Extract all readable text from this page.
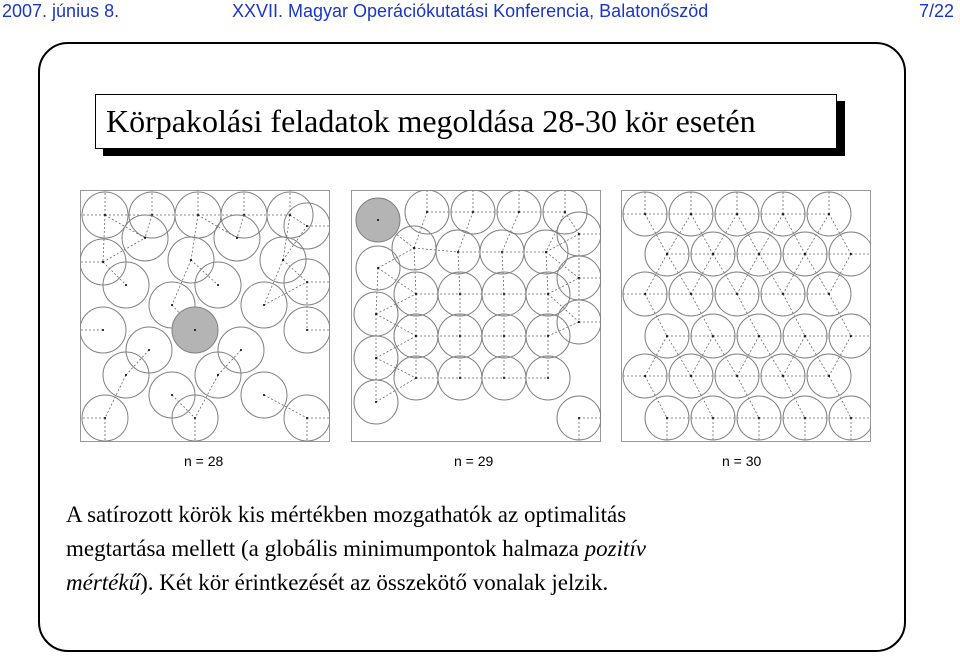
2007. június 8.	XXVII. Magyar Operációkutatási Konferencia, Balatonőszöd	7/22
Körpakolási feladatok megoldása 28-30 kör esetén
n = 28	n = 29	n = 30
A satírozott körök kis mértékben mozgathatók az optimalitás
megtartása mellett (a globális minimumpontok halmaza pozitív
mértékű). Két kör érintkezését az összekötő vonalak jelzik.
